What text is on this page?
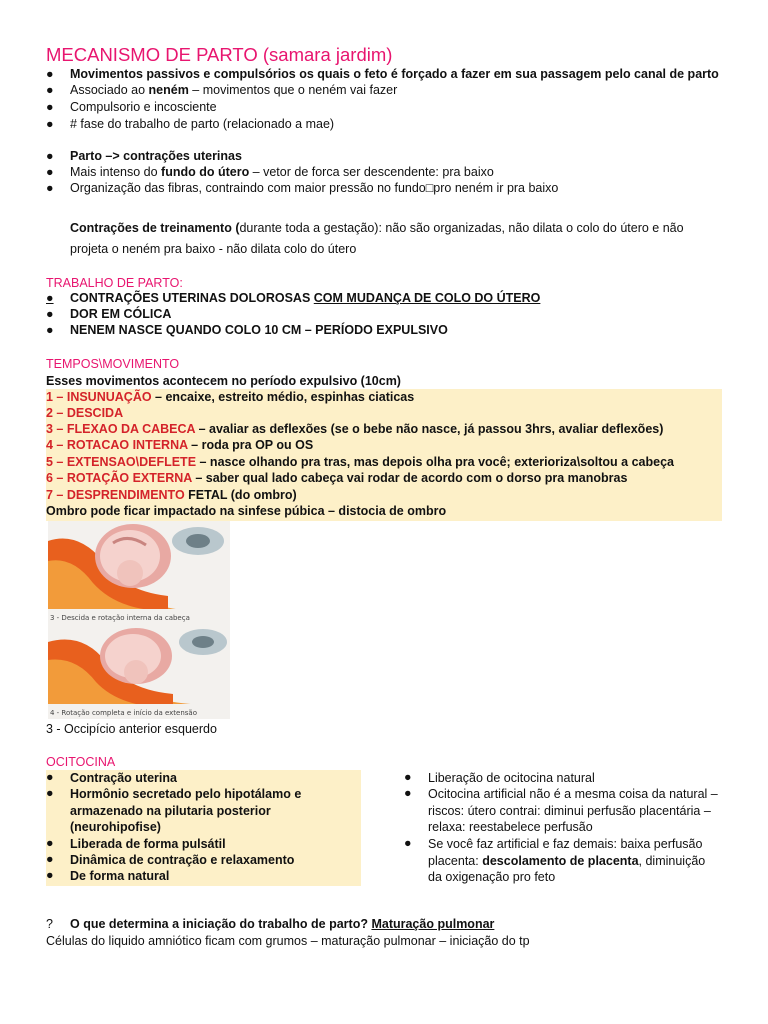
MECANISMO DE PARTO (samara jardim)
● Movimentos passivos e compulsórios os quais o feto é forçado a fazer em sua passagem pelo canal de parto
● Associado ao neném – movimentos que o neném vai fazer
● Compulsorio e incosciente
● # fase do trabalho de parto (relacionado a mae)
● Parto –> contrações uterinas
● Mais intenso do fundo do útero – vetor de forca ser descendente: pra baixo
● Organização das fibras, contraindo com maior pressão no fundo□pro neném ir pra baixo
Contrações de treinamento (durante toda a gestação): não são organizadas, não dilata o colo do útero e não
projeta o neném pra baixo - não dilata colo do útero
TRABALHO DE PARTO:
●	CONTRAÇÕES UTERINAS DOLOROSAS COM MUDANÇA DE COLO DO ÚTERO
● DOR EM CÓLICA
● NENEM NASCE QUANDO COLO 10 CM – PERÍODO EXPULSIVO
TEMPOS\MOVIMENTO
Esses movimentos acontecem no período expulsivo (10cm)
1 – INSUNUAÇÃO – encaixe, estreito médio, espinhas ciaticas
2 – DESCIDA
3 – FLEXAO DA CABECA – avaliar as deflexões (se o bebe não nasce, já passou 3hrs, avaliar deflexões)
4 – ROTACAO INTERNA – roda pra OP ou OS
5 – EXTENSAO\DEFLETE – nasce olhando pra tras, mas depois olha pra você; exterioriza\soltou a cabeça
6 – ROTAÇÃO EXTERNA – saber qual lado cabeça vai rodar de acordo com o dorso pra manobras
7 – DESPRENDIMENTO FETAL (do ombro)
Ombro pode ficar impactado na sinfese púbica – distocia de ombro
3 - Descida e rotação interna da cabeça
4 - Rotação completa e início da extensão
3 - Occipício anterior esquerdo
OCITOCINA
● Contração uterina
● Hormônio secretado pelo hipotálamo e armazenado na pilutaria posterior (neurohipofise)
● Liberada de forma pulsátil
● Dinâmica de contração e relaxamento
● De forma natural
● Liberação de ocitocina natural
● Ocitocina artificial não é a mesma coisa da natural – riscos: útero contrai: diminui perfusão placentária – relaxa: reestabelece perfusão
● Se você faz artificial e faz demais: baixa perfusão placenta: descolamento de placenta, diminuição da oxigenação pro feto
? O que determina a iniciação do trabalho de parto? Maturação pulmonar
Células do liquido amniótico ficam com grumos – maturação pulmonar – iniciação do tp
